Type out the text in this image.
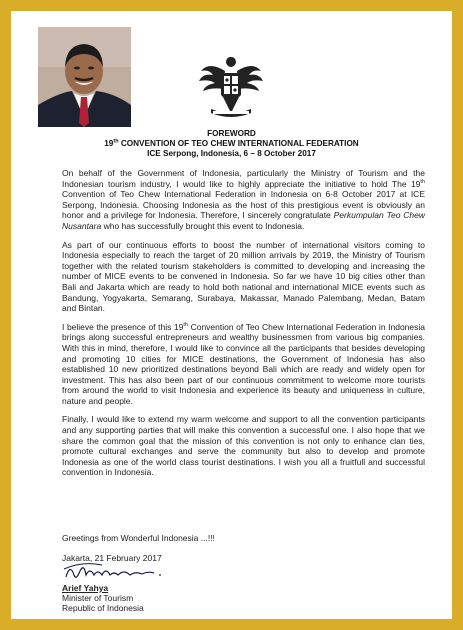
FOREWORD
19th CONVENTION OF TEO CHEW INTERNATIONAL FEDERATION
ICE Serpong, Indonesia, 6 – 8 October 2017

On behalf of the Government of Indonesia, particularly the Ministry of Tourism and the Indonesian tourism industry, I would like to highly appreciate the initiative to hold The 19th Convention of Teo Chew International Federation in Indonesia on 6-8 October 2017 at ICE Serpong, Indonesia. Choosing Indonesia as the host of this prestigious event is obviously an honor and a privilege for Indonesia. Therefore, I sincerely congratulate Perkumpulan Teo Chew Nusantara who has successfully brought this event to Indonesia.

As part of our continuous efforts to boost the number of international visitors coming to Indonesia especially to reach the target of 20 million arrivals by 2019, the Ministry of Tourism together with the related tourism stakeholders is committed to developing and increasing the number of MICE events to be convened in Indonesia. So far we have 10 big cities other than Bali and Jakarta which are ready to hold both national and international MICE events such as Bandung, Yogyakarta, Semarang, Surabaya, Makassar, Manado Palembang, Medan, Batam and Bintan.

I believe the presence of this 19th Convention of Teo Chew International Federation in Indonesia brings along successful entrepreneurs and wealthy businessmen from various big companies. With this in mind, therefore, I would like to convince all the participants that besides developing and promoting 10 cities for MICE destinations, the Government of Indonesia has also established 10 new prioritized destinations beyond Bali which are ready and widely open for investment. This has also been part of our continuous commitment to welcome more tourists from around the world to visit Indonesia and experience its beauty and uniqueness in culture, nature and people.

Finally, I would like to extend my warm welcome and support to all the convention participants and any supporting parties that will make this convention a successful one. I also hope that we share the common goal that the mission of this convention is not only to enhance clan ties, promote cultural exchanges and serve the community but also to develop and promote Indonesia as one of the world class tourist destinations. I wish you all a fruitfull and successful convention in Indonesia.

Greetings from Wonderful Indonesia ...!!!
Jakarta, 21 February 2017
Arief Yahya
Minister of Tourism
Republic of Indonesia
